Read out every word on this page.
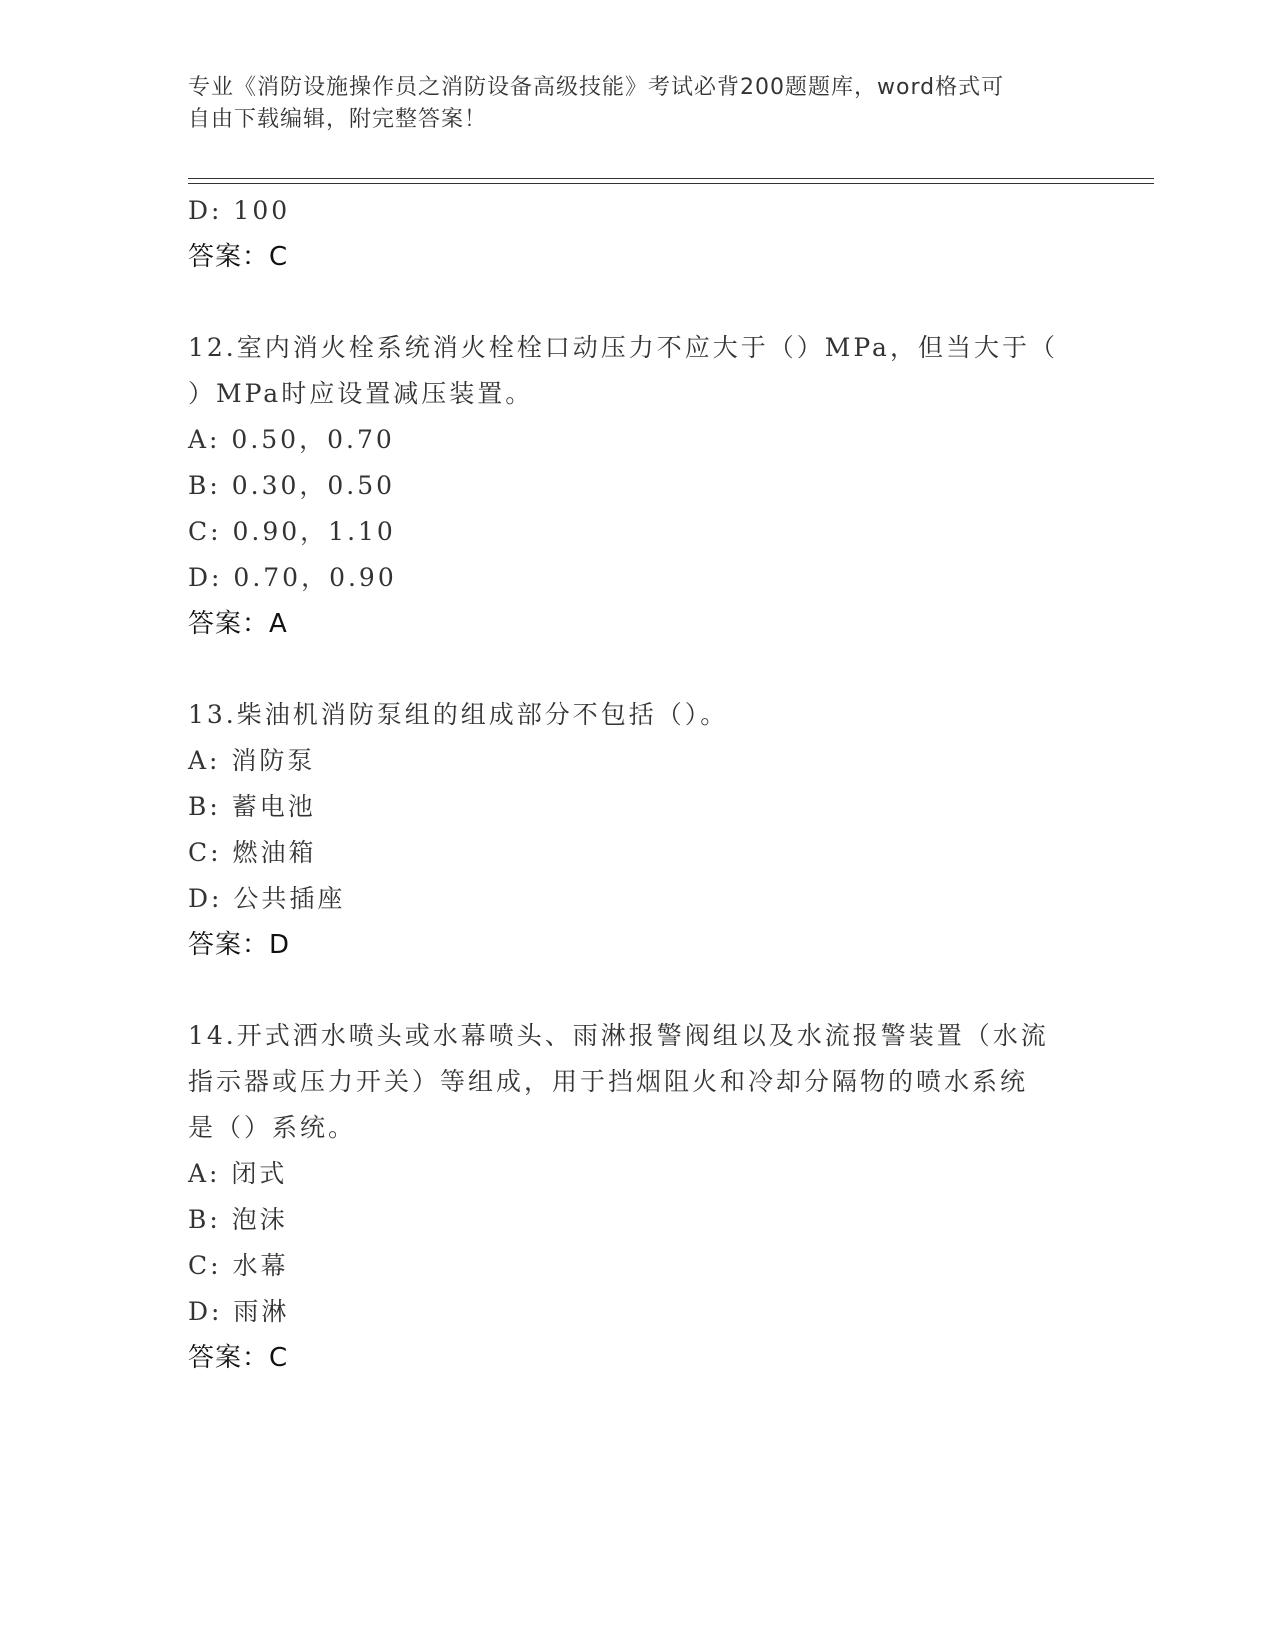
专业《消防设施操作员之消防设备高级技能》考试必背200题题库，word格式可
自由下载编辑，附完整答案！
D: 100
答案：C
12.室内消火栓系统消火栓栓口动压力不应大于（）MPa，但当大于（
）MPa时应设置减压装置。
A: 0.50，0.70
B: 0.30，0.50
C: 0.90，1.10
D: 0.70，0.90
答案：A
13.柴油机消防泵组的组成部分不包括（）。
A: 消防泵
B: 蓄电池
C: 燃油箱
D: 公共插座
答案：D
14.开式洒水喷头或水幕喷头、雨淋报警阀组以及水流报警装置（水流
指示器或压力开关）等组成，用于挡烟阻火和冷却分隔物的喷水系统
是（）系统。
A: 闭式
B: 泡沫
C: 水幕
D: 雨淋
答案：C
